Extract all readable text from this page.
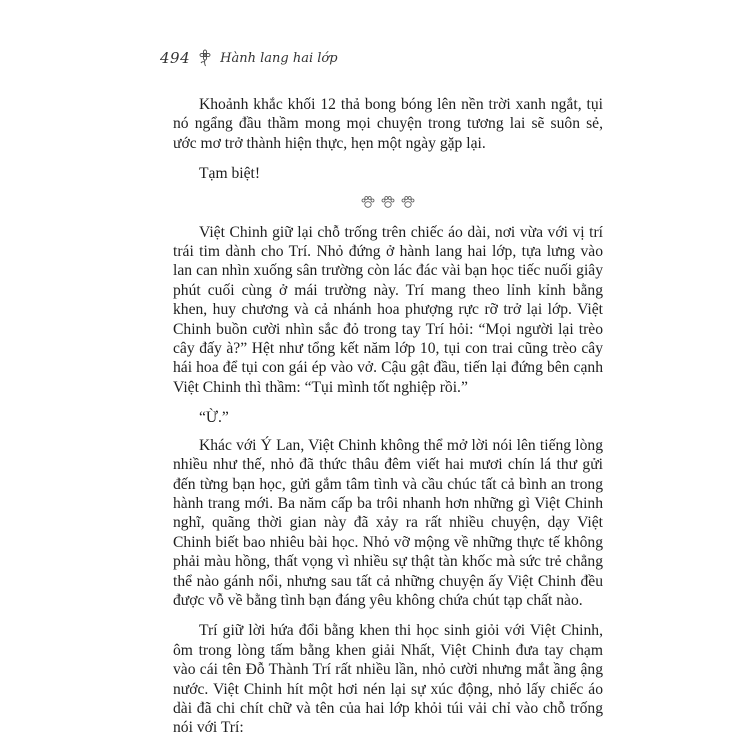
494 Hành lang hai lớp

Khoảnh khắc khối 12 thả bong bóng lên nền trời xanh ngắt, tụi nó ngẩng đầu thầm mong mọi chuyện trong tương lai sẽ suôn sẻ, ước mơ trở thành hiện thực, hẹn một ngày gặp lại.

Tạm biệt!

Việt Chinh giữ lại chỗ trống trên chiếc áo dài, nơi vừa với vị trí trái tim dành cho Trí. Nhỏ đứng ở hành lang hai lớp, tựa lưng vào lan can nhìn xuống sân trường còn lác đác vài bạn học tiếc nuối giây phút cuối cùng ở mái trường này. Trí mang theo lỉnh kỉnh bằng khen, huy chương và cả nhánh hoa phượng rực rỡ trở lại lớp. Việt Chinh buồn cười nhìn sắc đỏ trong tay Trí hỏi: “Mọi người lại trèo cây đấy à?” Hệt như tổng kết năm lớp 10, tụi con trai cũng trèo cây hái hoa để tụi con gái ép vào vở. Cậu gật đầu, tiến lại đứng bên cạnh Việt Chinh thì thầm: “Tụi mình tốt nghiệp rồi.”

“Ừ.”

Khác với Ý Lan, Việt Chinh không thể mở lời nói lên tiếng lòng nhiều như thế, nhỏ đã thức thâu đêm viết hai mươi chín lá thư gửi đến từng bạn học, gửi gắm tâm tình và cầu chúc tất cả bình an trong hành trang mới. Ba năm cấp ba trôi nhanh hơn những gì Việt Chinh nghĩ, quãng thời gian này đã xảy ra rất nhiều chuyện, dạy Việt Chinh biết bao nhiêu bài học. Nhỏ vỡ mộng về những thực tế không phải màu hồng, thất vọng vì nhiều sự thật tàn khốc mà sức trẻ chẳng thể nào gánh nổi, nhưng sau tất cả những chuyện ấy Việt Chinh đều được vỗ về bằng tình bạn đáng yêu không chứa chút tạp chất nào.

Trí giữ lời hứa đổi bằng khen thi học sinh giỏi với Việt Chinh, ôm trong lòng tấm bằng khen giải Nhất, Việt Chinh đưa tay chạm vào cái tên Đỗ Thành Trí rất nhiều lần, nhỏ cười nhưng mắt ầng ậng nước. Việt Chinh hít một hơi nén lại sự xúc động, nhỏ lấy chiếc áo dài đã chi chít chữ và tên của hai lớp khỏi túi vải chỉ vào chỗ trống nói với Trí:
